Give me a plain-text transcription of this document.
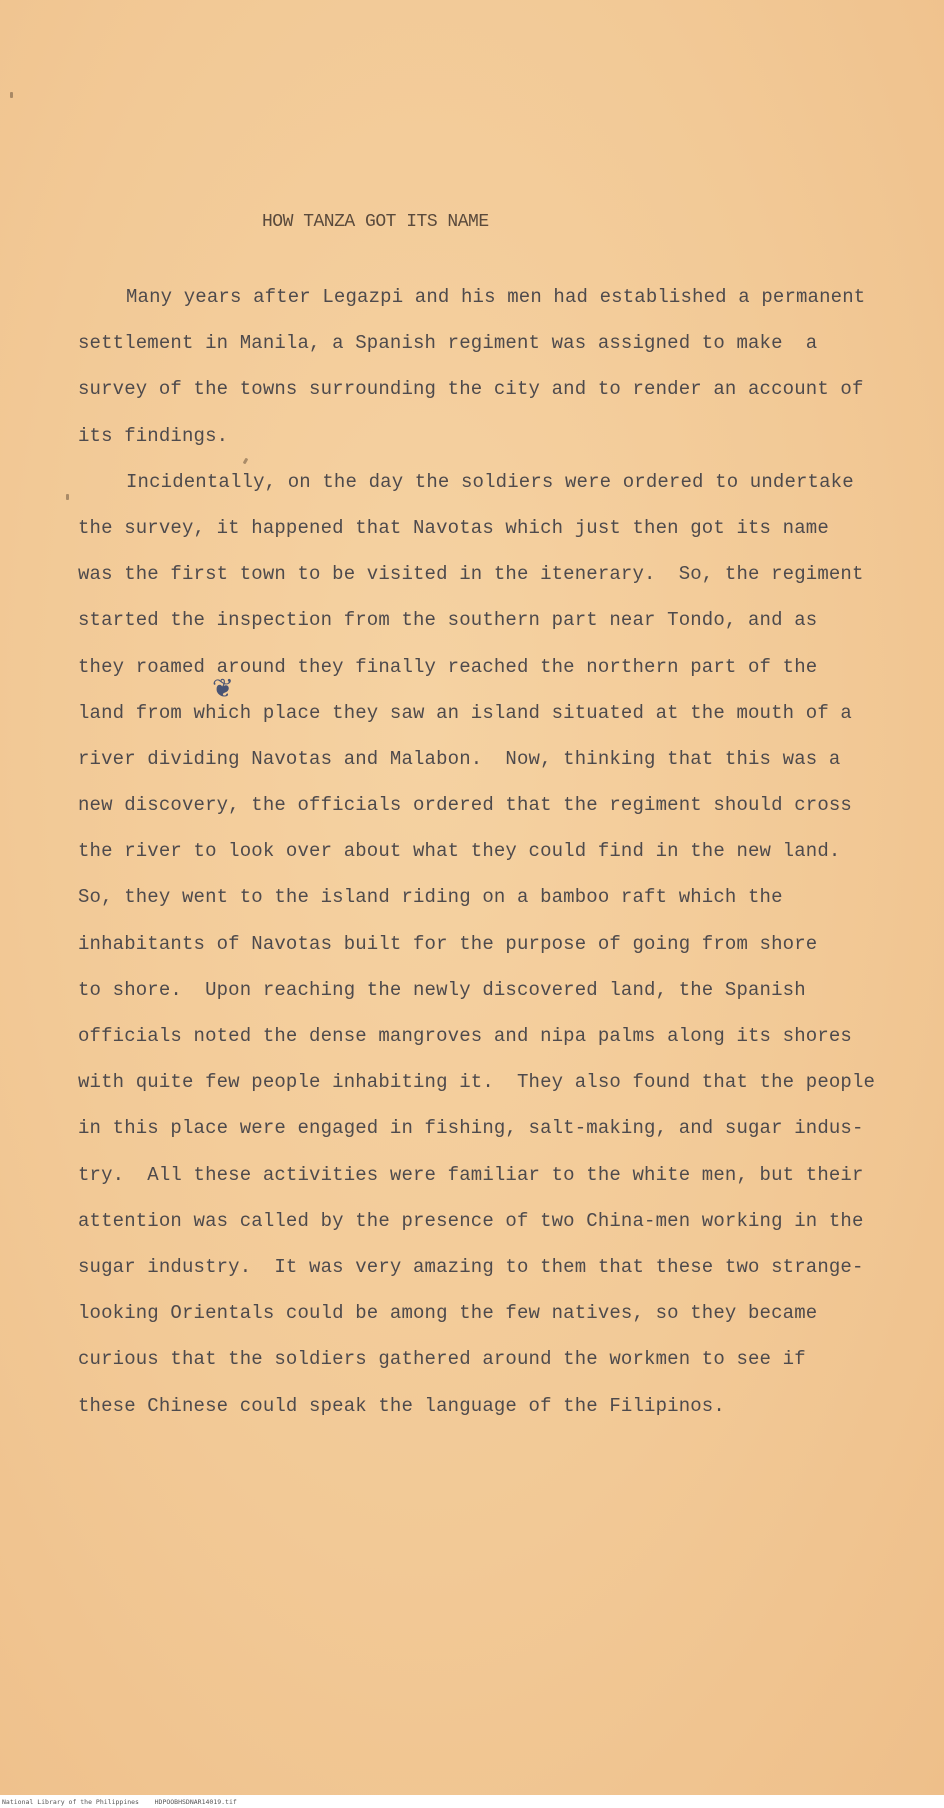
HOW TANZA GOT ITS NAME
Many years after Legazpi and his men had established a permanent
settlement in Manila, a Spanish regiment was assigned to make  a
survey of the towns surrounding the city and to render an account of
its findings.
Incidentally, on the day the soldiers were ordered to undertake
the survey, it happened that Navotas which just then got its name
was the first town to be visited in the itenerary.  So, the regiment
started the inspection from the southern part near Tondo, and as
they roamed around they finally reached the northern part of the
land from which place they saw an island situated at the mouth of a
river dividing Navotas and Malabon.  Now, thinking that this was a
new discovery, the officials ordered that the regiment should cross
the river to look over about what they could find in the new land.
So, they went to the island riding on a bamboo raft which the
inhabitants of Navotas built for the purpose of going from shore
to shore.  Upon reaching the newly discovered land, the Spanish
officials noted the dense mangroves and nipa palms along its shores
with quite few people inhabiting it.  They also found that the people
in this place were engaged in fishing, salt-making, and sugar indus-
try.  All these activities were familiar to the white men, but their
attention was called by the presence of two China-men working in the
sugar industry.  It was very amazing to them that these two strange-
looking Orientals could be among the few natives, so they became
curious that the soldiers gathered around the workmen to see if
these Chinese could speak the language of the Filipinos.
❦
National Library of the Philippines    HDPOOBHSDNAR14019.tif
